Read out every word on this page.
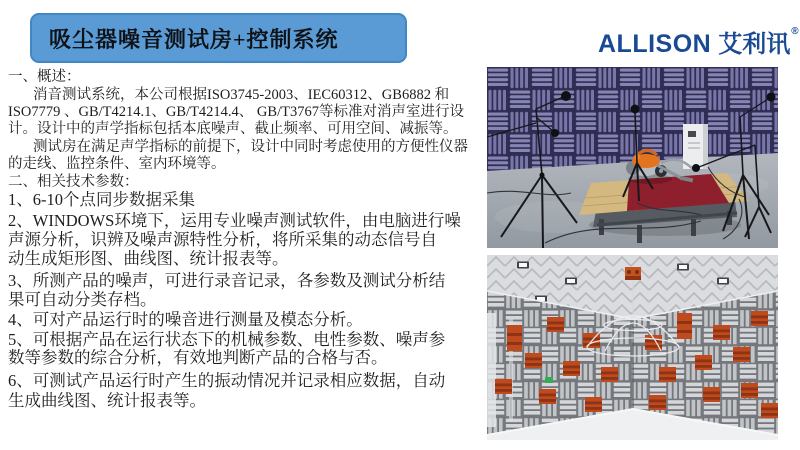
吸尘器噪音测试房+控制系统	ALLISON 艾利讯®
一、概述：
消音测试系统，本公司根据ISO3745-2003、IEC60312、GB6882 和
ISO7779 、GB/T4214.1、GB/T4214.4、 GB/T3767等标准对消声室进行设
计。设计中的声学指标包括本底噪声、截止频率、可用空间、减振等。
测试房在满足声学指标的前提下，设计中同时考虑使用的方便性仪器
的走线、监控条件、室内环境等。
二、相关技术参数：
1、6-10个点同步数据采集
2、WINDOWS环境下，运用专业噪声测试软件，由电脑进行噪
声源分析，识辨及噪声源特性分析，将所采集的动态信号自
动生成矩形图、曲线图、统计报表等。
3、所测产品的噪声，可进行录音记录，各参数及测试分析结
果可自动分类存档。
4、可对产品运行时的噪音进行测量及模态分析。
5、可根据产品在运行状态下的机械参数、电性参数、噪声参
数等参数的综合分析，有效地判断产品的合格与否。
6、可测试产品运行时产生的振动情况并记录相应数据，自动
生成曲线图、统计报表等。
